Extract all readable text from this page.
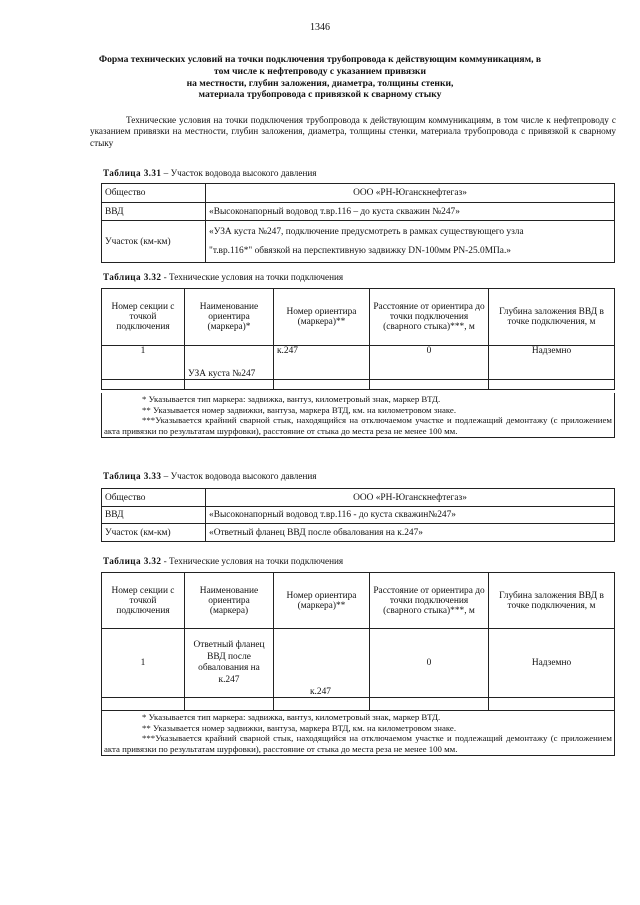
1346
Форма технических условий на точки подключения трубопровода к действующим коммуникациям, в
том числе к нефтепроводу с указанием привязки
на местности, глубин заложения, диаметра, толщины стенки,
материала трубопровода с привязкой к сварному стыку

Технические условия на точки подключения трубопровода к действующим коммуникациям, в том числе к нефтепроводу с указанием привязки на местности, глубин заложения, диаметра, толщины стенки, материала трубопровода с привязкой к сварному стыку

Таблица 3.31 – Участок водовода высокого давления
Общество	ООО «РН-Юганскнефтегаз»
ВВД	«Высоконапорный водовод т.вр.116 – до куста скважин №247»
Участок (км-км)	«УЗА куста №247, подключение предусмотреть в рамках существующего узла
"т.вр.116*" обвязкой на перспективную задвижку DN-100мм PN-25.0МПа.»
Таблица 3.32 - Технические условия на точки подключения
Номер секции с точкой подключения	Наименование ориентира (маркера)*	Номер ориентира (маркера)**	Расстояние от ориентира до точки подключения (сварного стыка)***, м	Глубина заложения ВВД в точке подключения, м
1	УЗА куста №247	к.247	0	Надземно

* Указывается тип маркера: задвижка, вантуз, километровый знак, маркер ВТД.

** Указывается номер задвижки, вантуза, маркера ВТД, км. на километровом знаке.

***Указывается крайний сварной стык, находящийся на отключаемом участке и подлежащий демонтажу (с приложением акта привязки по результатам шурфовки), расстояние от стыка до места реза не менее 100 мм.

Таблица 3.33 – Участок водовода высокого давления
Общество	ООО «РН-Юганскнефтегаз»
ВВД	«Высоконапорный водовод т.вр.116 - до куста скважин№247»
Участок (км-км)	«Ответный фланец ВВД после обвалования на к.247»
Таблица 3.32 - Технические условия на точки подключения
Номер секции с точкой подключения	Наименование ориентира (маркера)	Номер ориентира (маркера)**	Расстояние от ориентира до точки подключения (сварного стыка)***, м	Глубина заложения ВВД в точке подключения, м
1	Ответный фланец ВВД после обвалования на к.247	к.247	0	Надземно

* Указывается тип маркера: задвижка, вантуз, километровый знак, маркер ВТД.

** Указывается номер задвижки, вантуза, маркера ВТД, км. на километровом знаке.

***Указывается крайний сварной стык, находящийся на отключаемом участке и подлежащий демонтажу (с приложением акта привязки по результатам шурфовки), расстояние от стыка до места реза не менее 100 мм.
